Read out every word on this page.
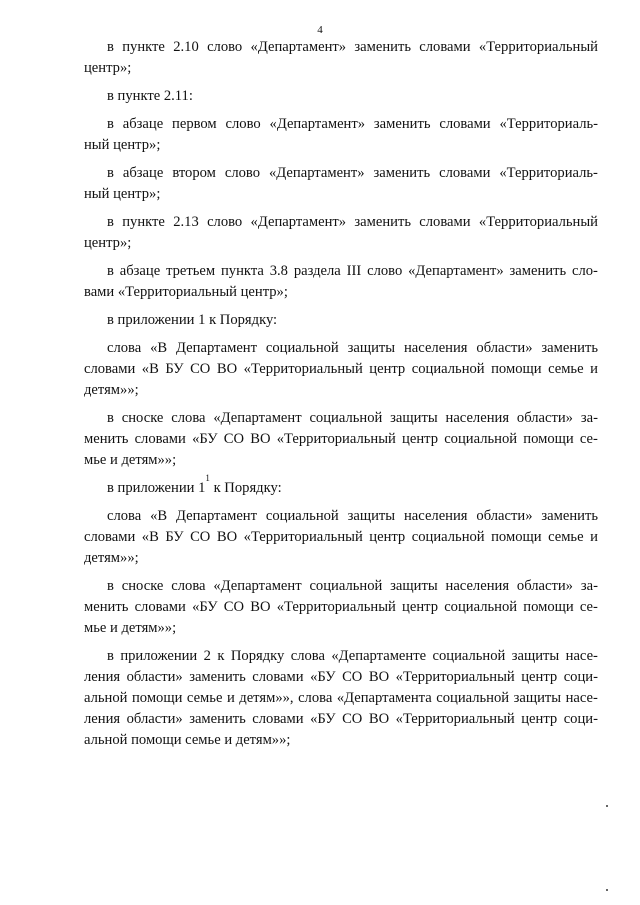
4
в пункте 2.10 слово «Департамент» заменить словами «Территориальный
центр»;
в пункте 2.11:
в абзаце первом слово «Департамент» заменить словами «Территориаль-
ный центр»;
в абзаце втором слово «Департамент» заменить словами «Территориаль-
ный центр»;
в пункте 2.13 слово «Департамент» заменить словами «Территориальный
центр»;
в абзаце третьем пункта 3.8 раздела III слово «Департамент» заменить сло-
вами «Территориальный центр»;
в приложении 1 к Порядку:
слова «В Департамент социальной защиты населения области» заменить
словами «В БУ СО ВО «Территориальный центр социальной помощи семье и
детям»»;
в сноске слова «Департамент социальной защиты населения области» за-
менить словами «БУ СО ВО «Территориальный центр социальной помощи се-
мье и детям»»;
в приложении 1
1
к Порядку:
слова «В Департамент социальной защиты населения области» заменить
словами «В БУ СО ВО «Территориальный центр социальной помощи семье и
детям»»;
в сноске слова «Департамент социальной защиты населения области» за-
менить словами «БУ СО ВО «Территориальный центр социальной помощи се-
мье и детям»»;
в приложении 2 к Порядку слова «Департаменте социальной защиты насе-
ления области» заменить словами «БУ СО ВО «Территориальный центр соци-
альной помощи семье и детям»», слова «Департамента социальной защиты насе-
ления области» заменить словами «БУ СО ВО «Территориальный центр соци-
альной помощи семье и детям»»;
